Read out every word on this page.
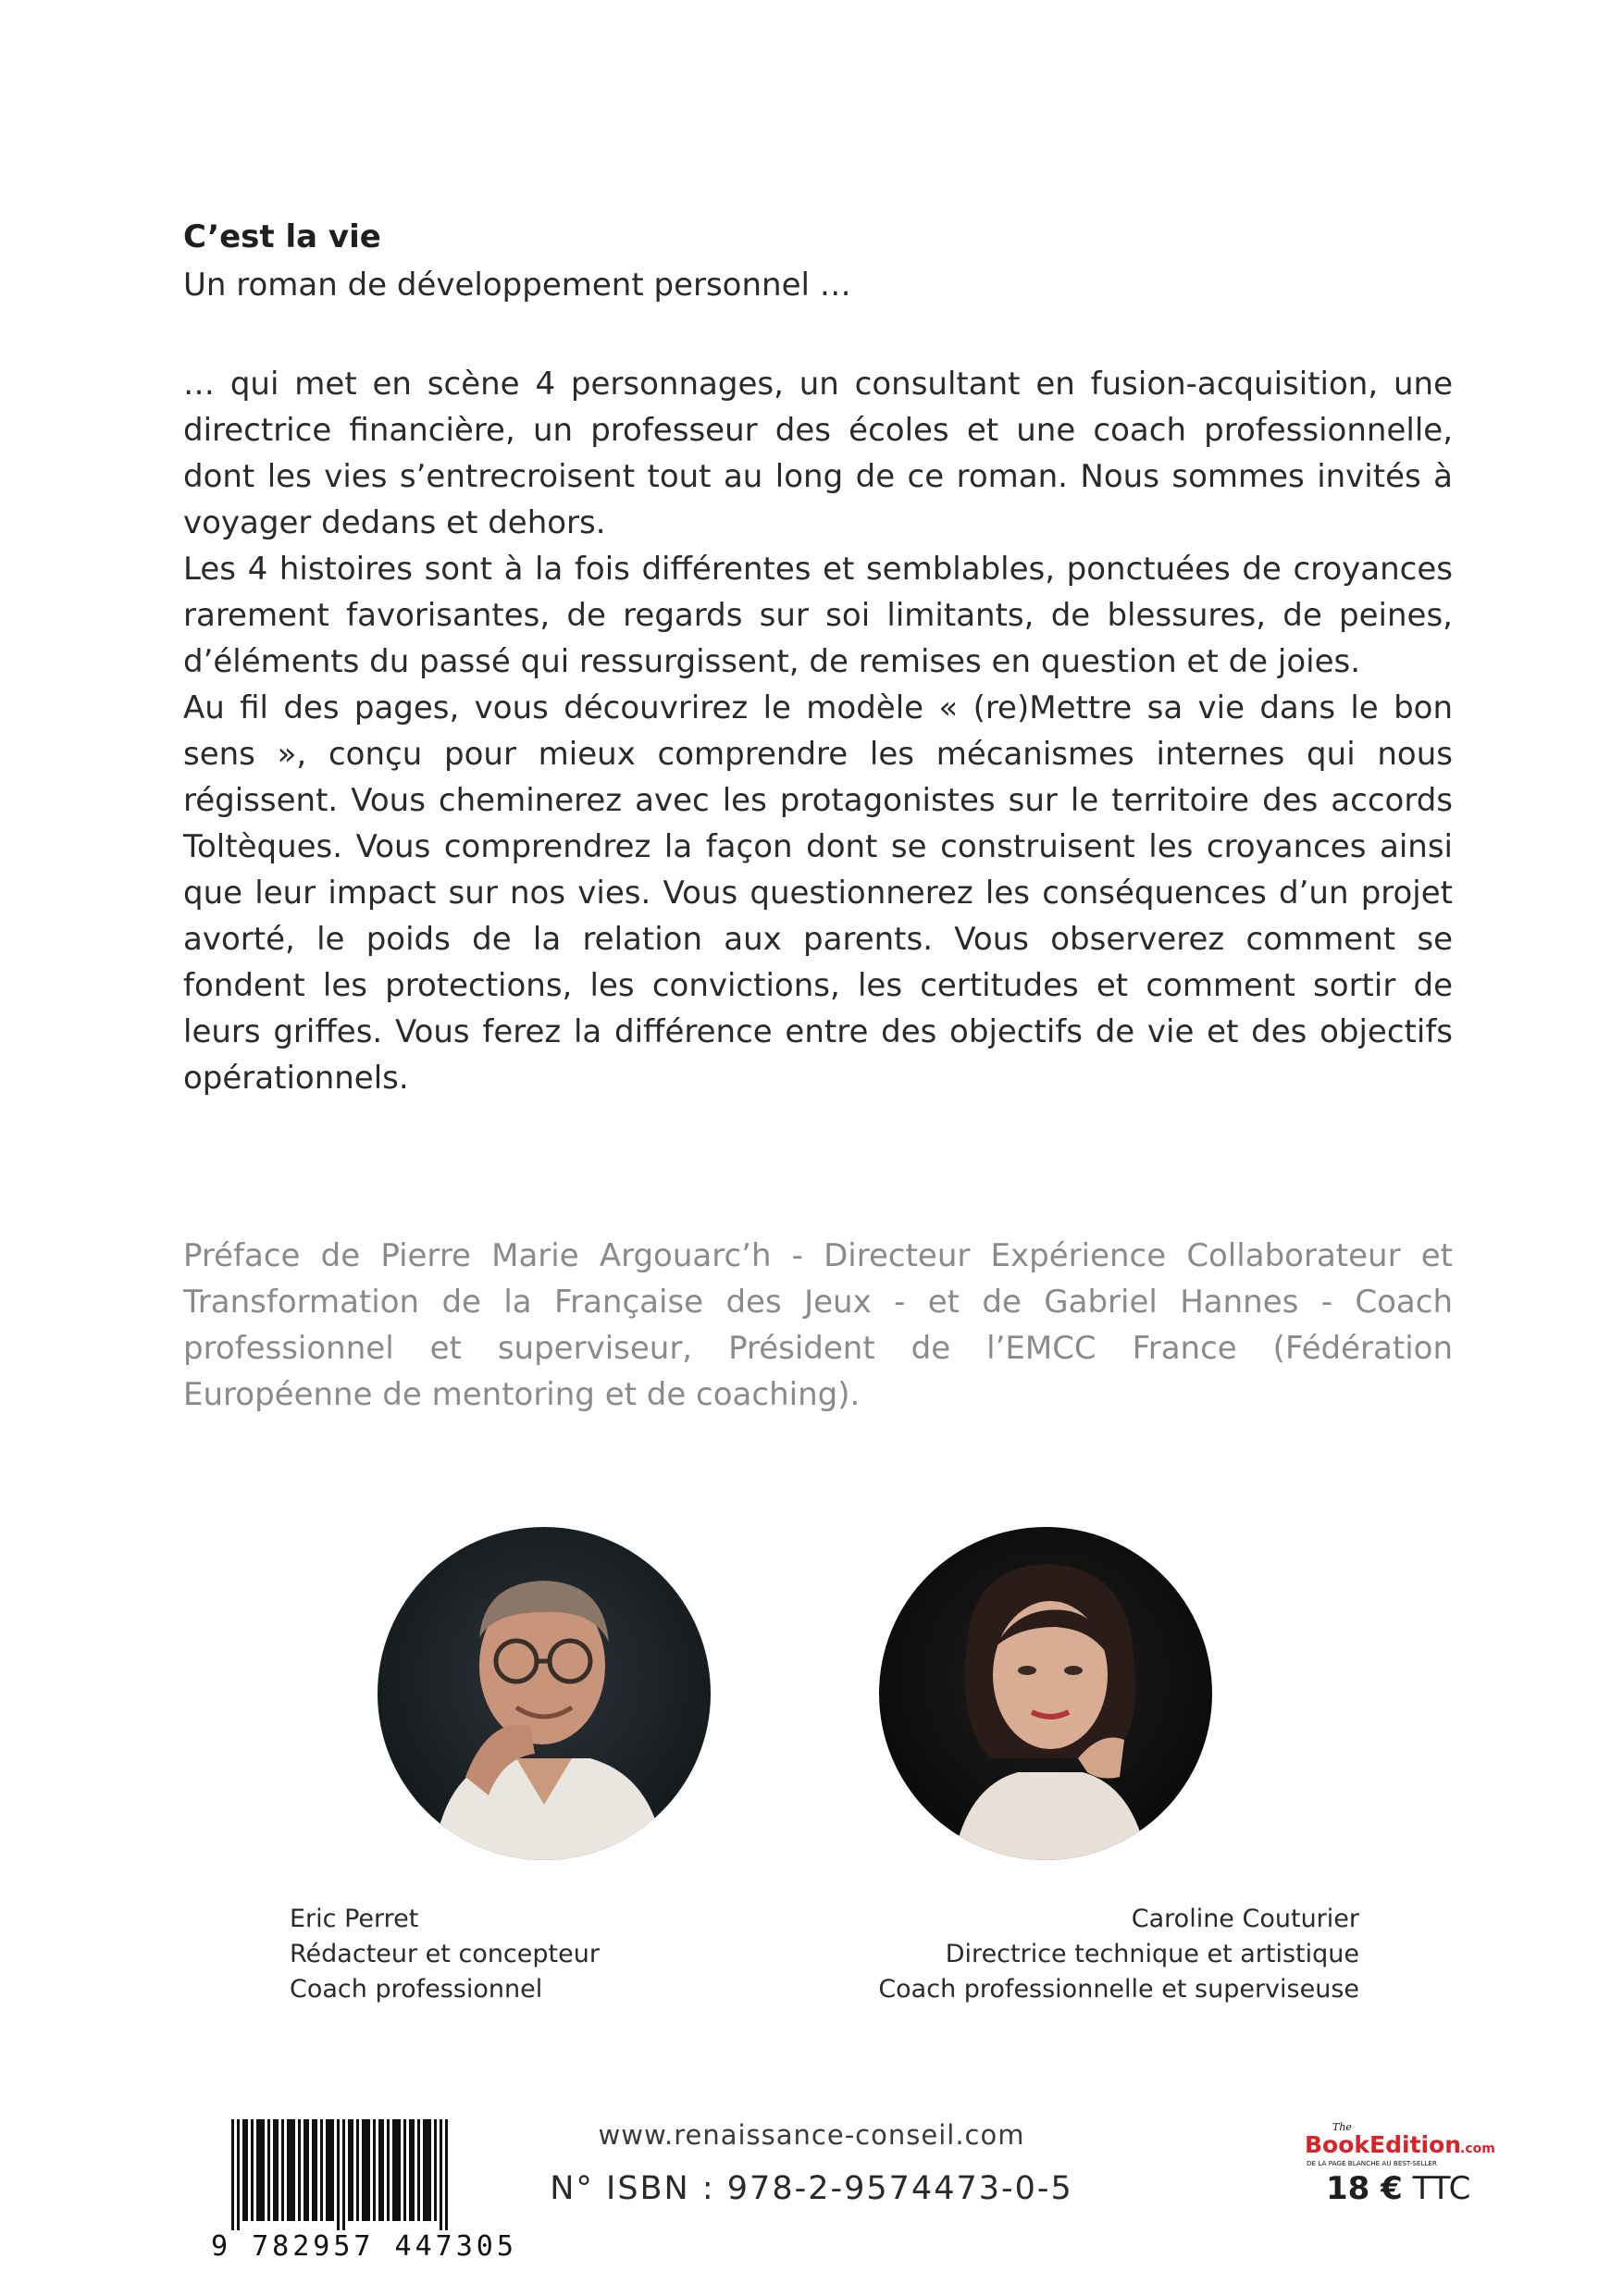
C’est la vie
Un roman de développement personnel …

… qui met en scène 4 personnages, un consultant en fusion-acquisition, une directrice financière, un professeur des écoles et une coach professionnelle, dont les vies s’entrecroisent tout au long de ce roman. Nous sommes invités à voyager dedans et dehors.

Les 4 histoires sont à la fois différentes et semblables, ponctuées de croyances rarement favorisantes, de regards sur soi limitants, de blessures, de peines, d’éléments du passé qui ressurgissent, de remises en question et de joies.

Au fil des pages, vous découvrirez le modèle « (re)Mettre sa vie dans le bon sens », conçu pour mieux comprendre les mécanismes internes qui nous régissent. Vous cheminerez avec les protagonistes sur le territoire des accords Toltèques. Vous comprendrez la façon dont se construisent les croyances ainsi que leur impact sur nos vies. Vous questionnerez les conséquences d’un projet avorté, le poids de la relation aux parents. Vous observerez comment se fondent les protections, les convictions, les certitudes et comment sortir de leurs griffes. Vous ferez la différence entre des objectifs de vie et des objectifs opérationnels.

Préface de Pierre Marie Argouarc’h - Directeur Expérience Collaborateur et Transformation de la Française des Jeux - et de Gabriel Hannes - Coach professionnel et superviseur, Président de l’EMCC France (Fédération Européenne de mentoring et de coaching).
Eric Perret
Rédacteur et concepteur
Coach professionnel
Caroline Couturier
Directrice technique et artistique
Coach professionnelle et superviseuse
9 782957 447305
www.renaissance-conseil.com
N° ISBN : 978-2-9574473-0-5
The
BookEdition
.com
DE LA PAGE BLANCHE AU BEST-SELLER
18 € TTC
